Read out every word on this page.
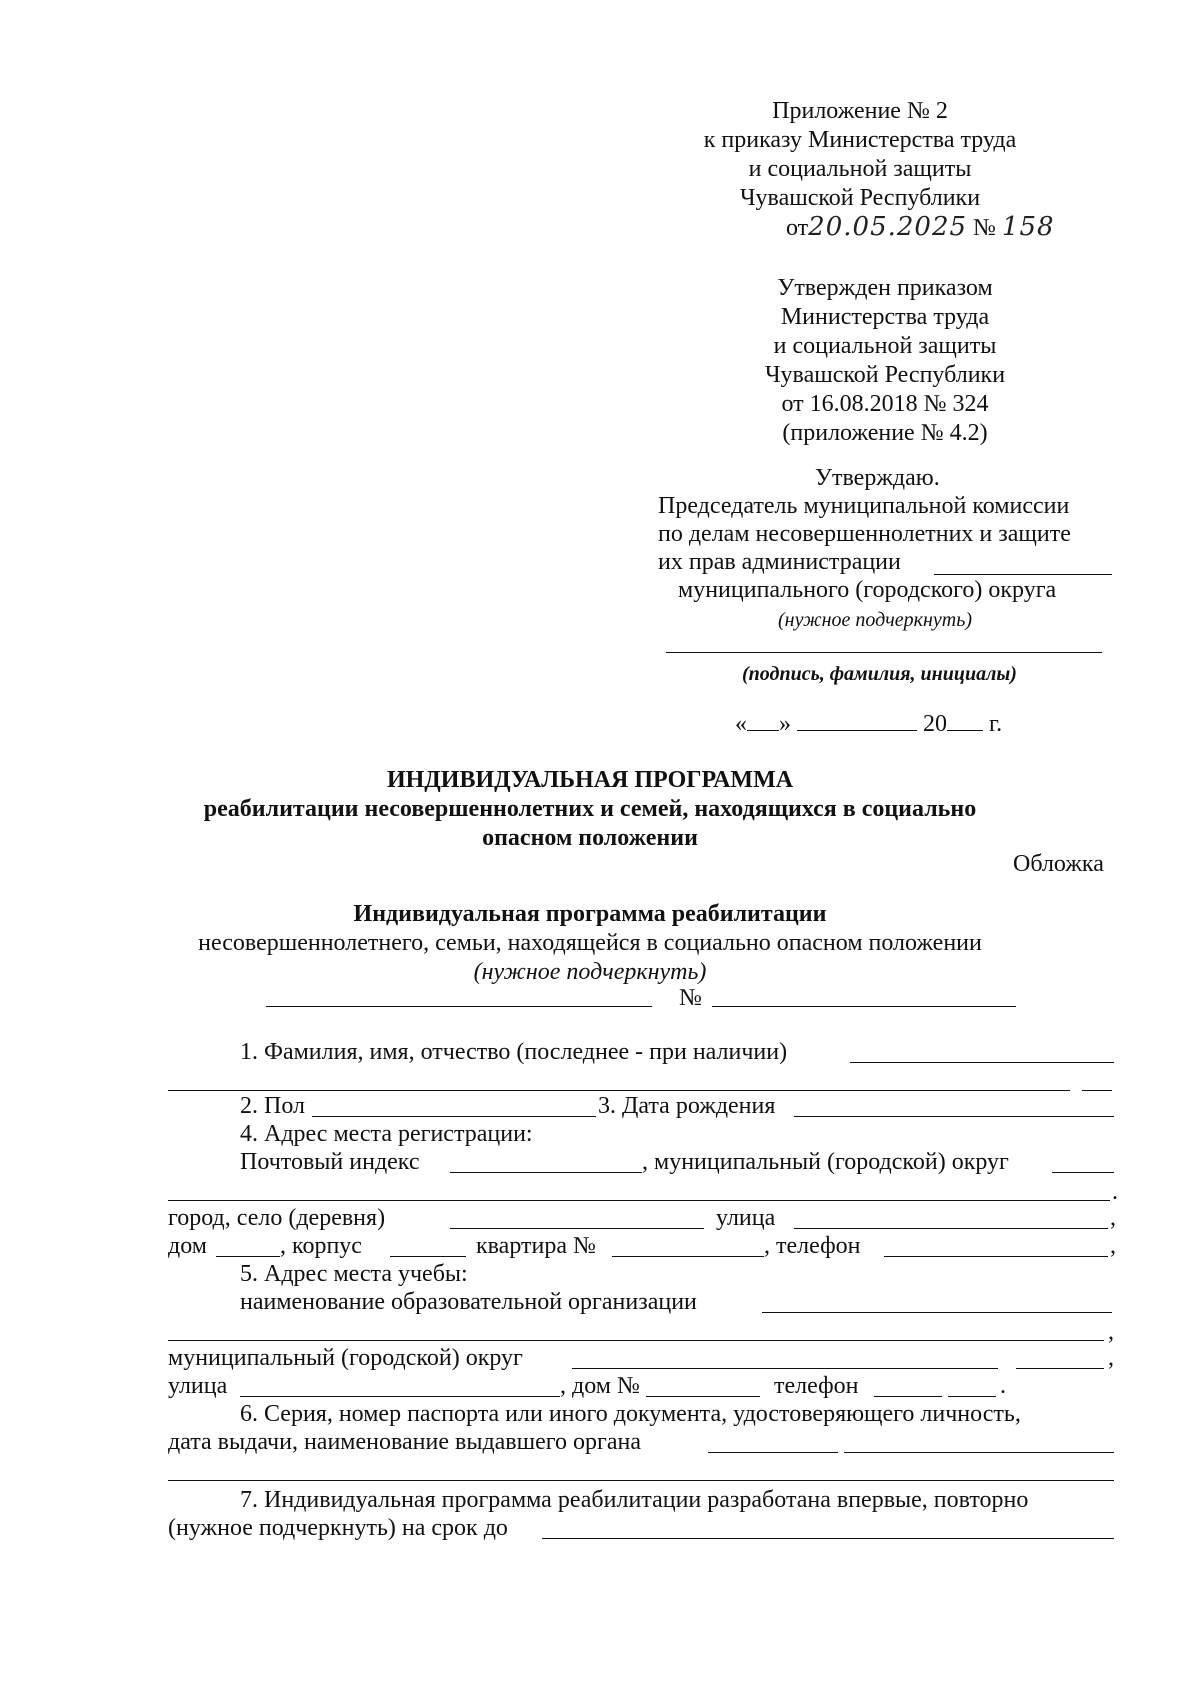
Приложение № 2
к приказу Министерства труда
и социальной защиты
Чувашской Республики
от20.05.2025 № 158
Утвержден приказом
Министерства труда
и социальной защиты
Чувашской Республики
от 16.08.2018 № 324
(приложение № 4.2)
Утверждаю.
Председатель муниципальной комиссии
по делам несовершеннолетних и защите
их прав администрации
муниципального (городского) округа
(нужное подчеркнуть)
(подпись, фамилия, инициалы)
« »	20 г.
ИНДИВИДУАЛЬНАЯ ПРОГРАММА
реабилитации несовершеннолетних и семей, находящихся в социально
опасном положении
Обложка
Индивидуальная программа реабилитации
несовершеннолетнего, семьи, находящейся в социально опасном положении
(нужное подчеркнуть)
№
1. Фамилия, имя, отчество (последнее - при наличии)
2. Пол	3. Дата рождения
4. Адрес места регистрации:
Почтовый индекс	, муниципальный (городской) округ
.
город, село (деревня)	улица	,
дом	, корпус	квартира №	, телефон	,
5. Адрес места учебы:
наименование образовательной организации
,
муниципальный (городской) округ	,
улица	, дом №	телефон	.
6. Серия, номер паспорта или иного документа, удостоверяющего личность,
дата выдачи, наименование выдавшего органа
7. Индивидуальная программа реабилитации разработана впервые, повторно
(нужное подчеркнуть) на срок до
